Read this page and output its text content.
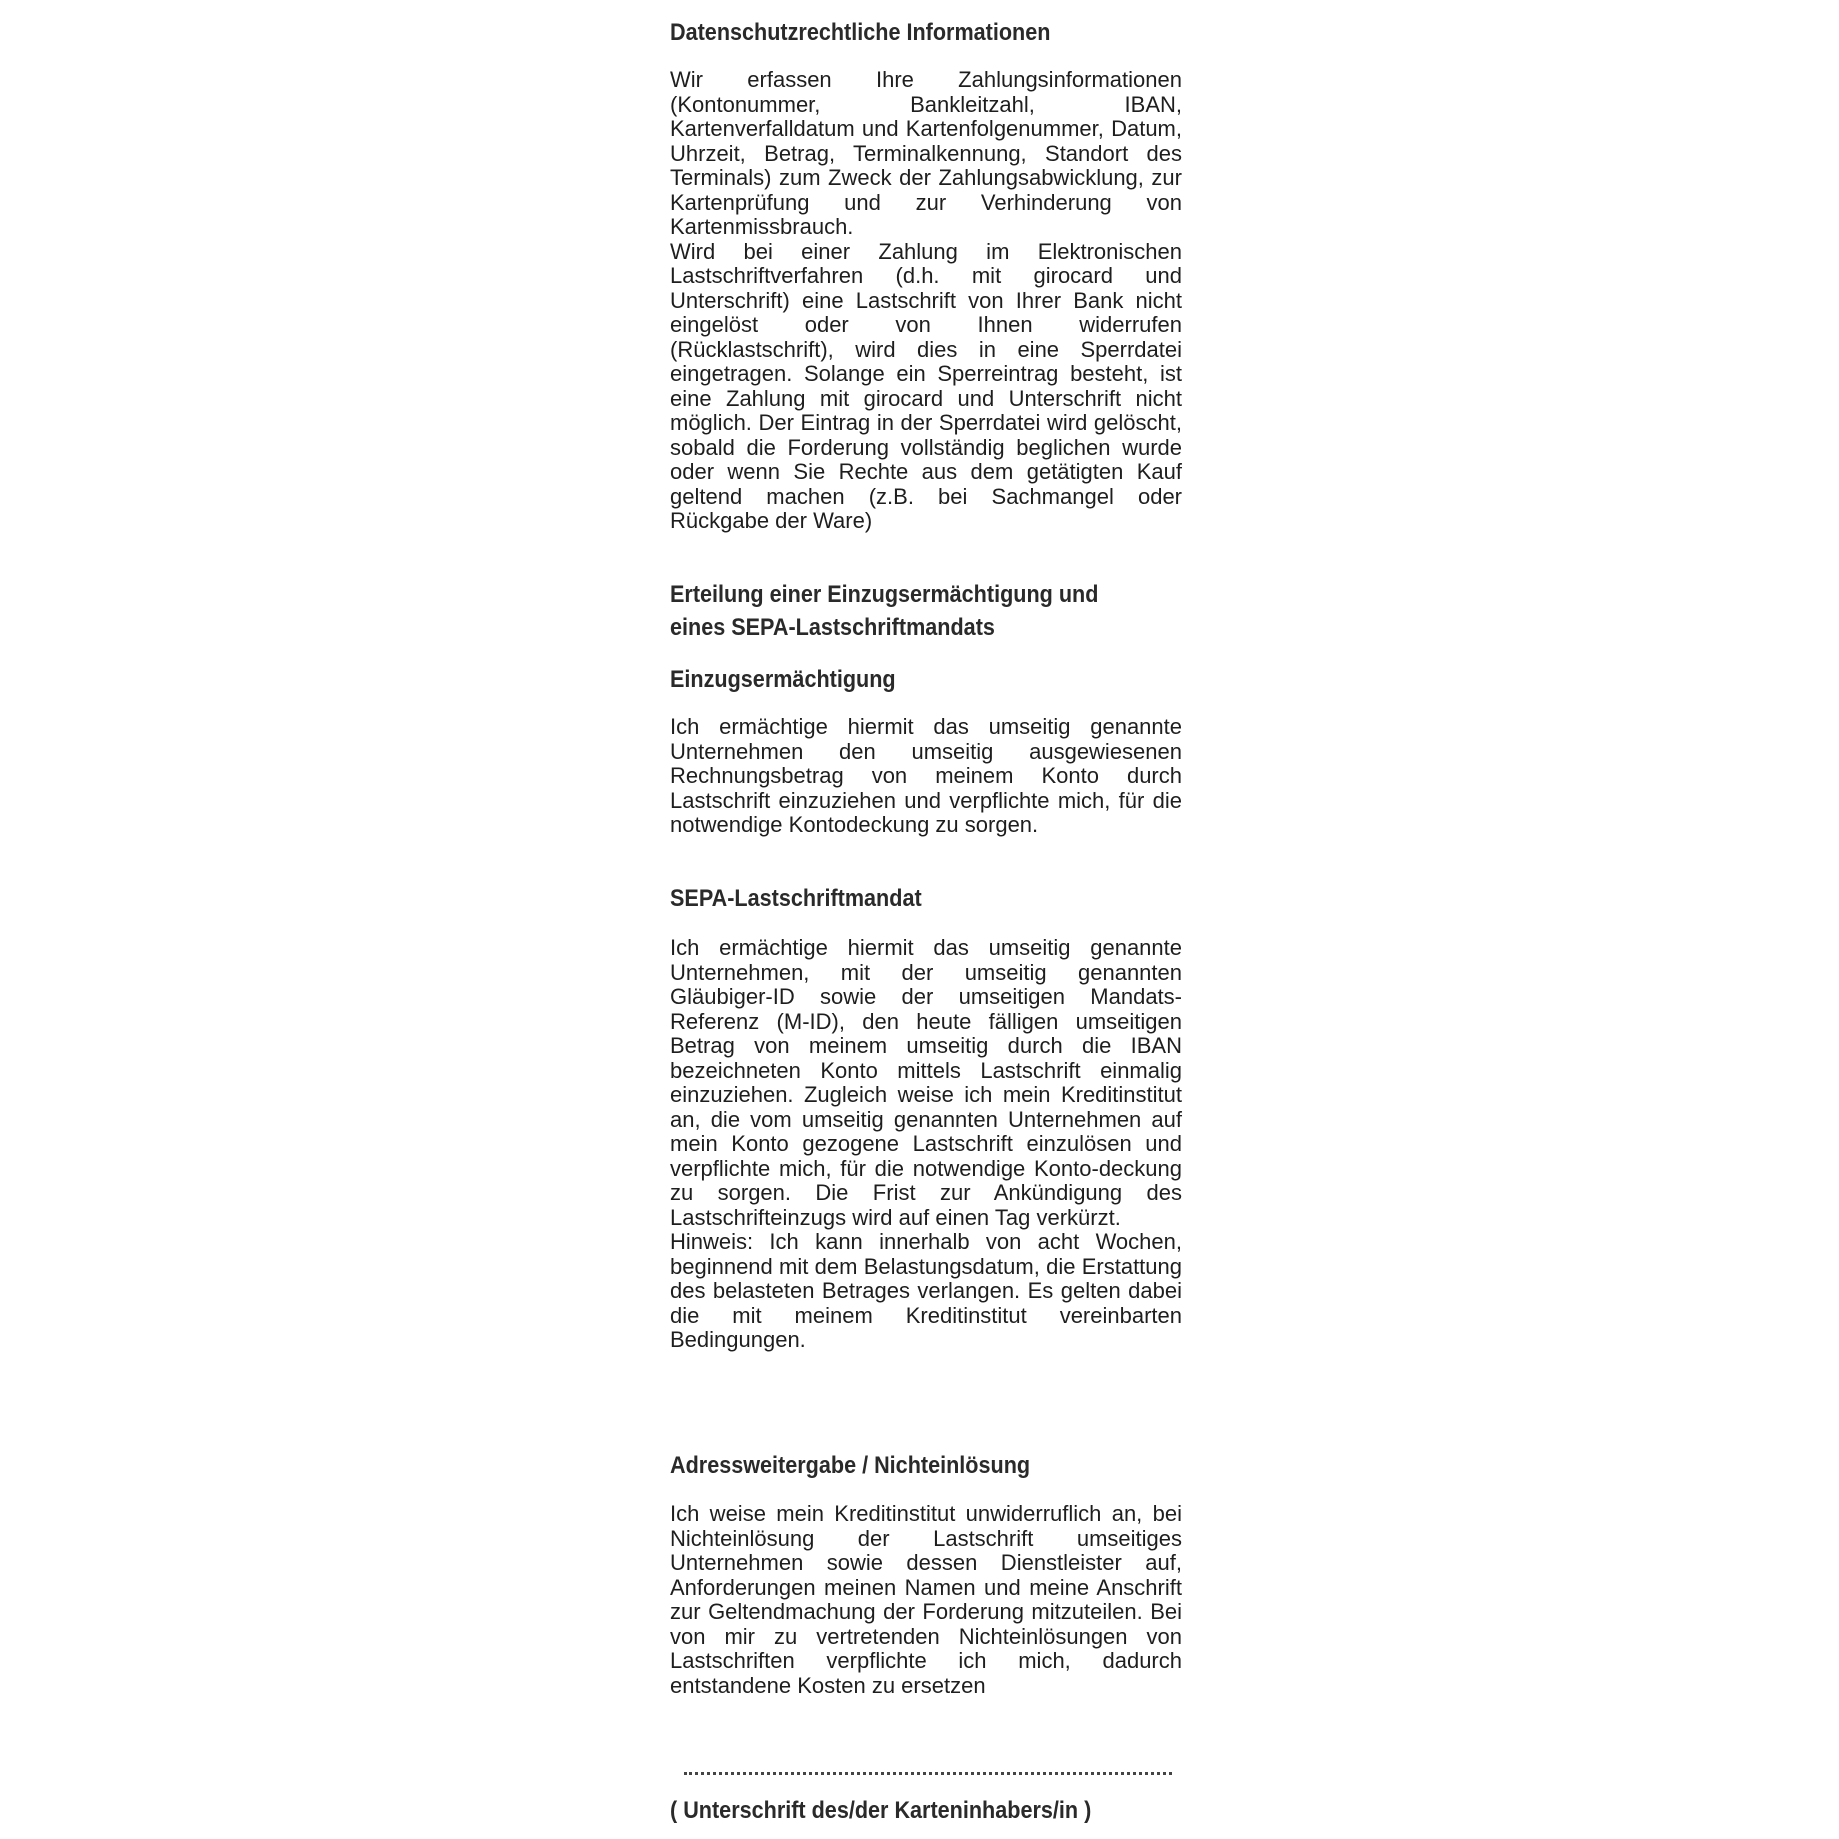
Datenschutzrechtliche Informationen

Wir erfassen Ihre Zahlungsinformationen (Kontonummer, Bankleitzahl, IBAN, Kartenverfalldatum und Kartenfolgenummer, Datum, Uhrzeit, Betrag, Terminalkennung, Standort des Terminals) zum Zweck der Zahlungsabwicklung, zur Kartenprüfung und zur Verhinderung von Kartenmissbrauch.

Wird bei einer Zahlung im Elektronischen Lastschriftverfahren (d.h. mit girocard und Unterschrift) eine Lastschrift von Ihrer Bank nicht eingelöst oder von Ihnen widerrufen (Rücklastschrift), wird dies in eine Sperrdatei eingetragen. Solange ein Sperreintrag besteht, ist eine Zahlung mit girocard und Unterschrift nicht möglich. Der Eintrag in der Sperrdatei wird gelöscht, sobald die Forderung vollständig beglichen wurde oder wenn Sie Rechte aus dem getätigten Kauf geltend machen (z.B. bei Sachmangel oder Rückgabe der Ware)

Erteilung einer Einzugsermächtigung und
eines SEPA-Lastschriftmandats
Einzugsermächtigung

Ich ermächtige hiermit das umseitig genannte Unternehmen den umseitig ausgewiesenen Rechnungsbetrag von meinem Konto durch Lastschrift einzuziehen und verpflichte mich, für die notwendige Kontodeckung zu sorgen.

SEPA-Lastschriftmandat

Ich ermächtige hiermit das umseitig genannte Unternehmen, mit der umseitig genannten Gläubiger-ID sowie der umseitigen Mandats-Referenz (M-ID), den heute fälligen umseitigen Betrag von meinem umseitig durch die IBAN bezeichneten Konto mittels Lastschrift einmalig einzuziehen. Zugleich weise ich mein Kreditinstitut an, die vom umseitig genannten Unternehmen auf mein Konto gezogene Lastschrift einzulösen und verpflichte mich, für die notwendige Konto-deckung zu sorgen. Die Frist zur Ankündigung des Lastschrifteinzugs wird auf einen Tag verkürzt.

Hinweis: Ich kann innerhalb von acht Wochen, beginnend mit dem Belastungsdatum, die Erstattung des belasteten Betrages verlangen. Es gelten dabei die mit meinem Kreditinstitut vereinbarten Bedingungen.

Adressweitergabe / Nichteinlösung

Ich weise mein Kreditinstitut unwiderruflich an, bei Nichteinlösung der Lastschrift umseitiges Unternehmen sowie dessen Dienstleister auf, Anforderungen meinen Namen und meine Anschrift zur Geltendmachung der Forderung mitzuteilen. Bei von mir zu vertretenden Nichteinlösungen von Lastschriften verpflichte ich mich, dadurch entstandene Kosten zu ersetzen

( Unterschrift des/der Karteninhabers/in )
